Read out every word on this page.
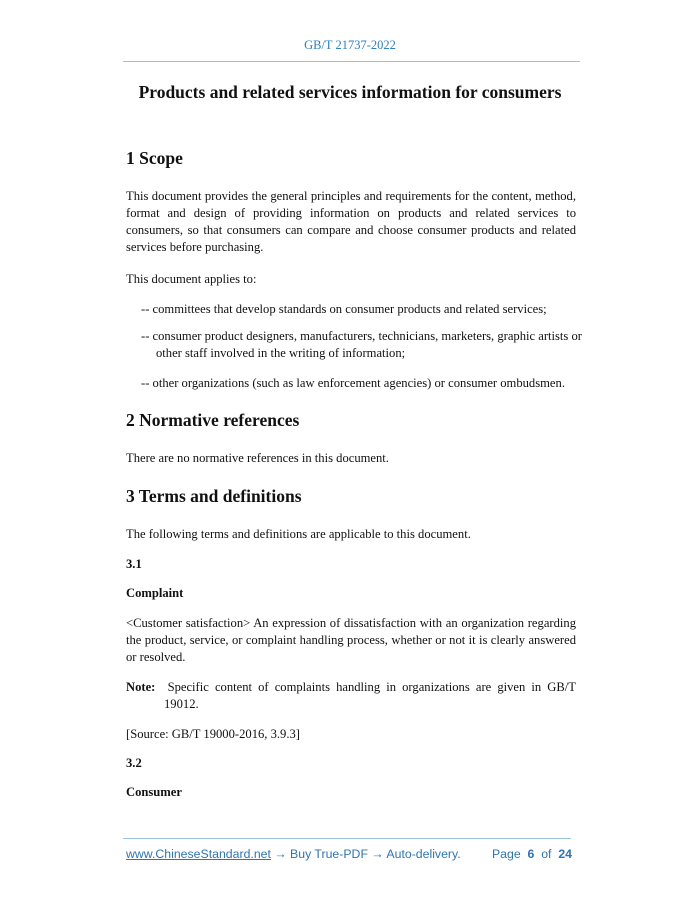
GB/T 21737-2022
Products and related services information for consumers
1 Scope
This document provides the general principles and requirements for the content, method, format and design of providing information on products and related services to consumers, so that consumers can compare and choose consumer products and related services before purchasing.
This document applies to:
-- committees that develop standards on consumer products and related services;
-- consumer product designers, manufacturers, technicians, marketers, graphic artists or other staff involved in the writing of information;
-- other organizations (such as law enforcement agencies) or consumer ombudsmen.
2 Normative references
There are no normative references in this document.
3 Terms and definitions
The following terms and definitions are applicable to this document.
3.1
Complaint
<Customer satisfaction> An expression of dissatisfaction with an organization regarding the product, service, or complaint handling process, whether or not it is clearly answered or resolved.
Note: Specific content of complaints handling in organizations are given in GB/T 19012.
[Source: GB/T 19000-2016, 3.9.3]
3.2
Consumer
www.ChineseStandard.net → Buy True-PDF → Auto-delivery.	Page 6 of 24
